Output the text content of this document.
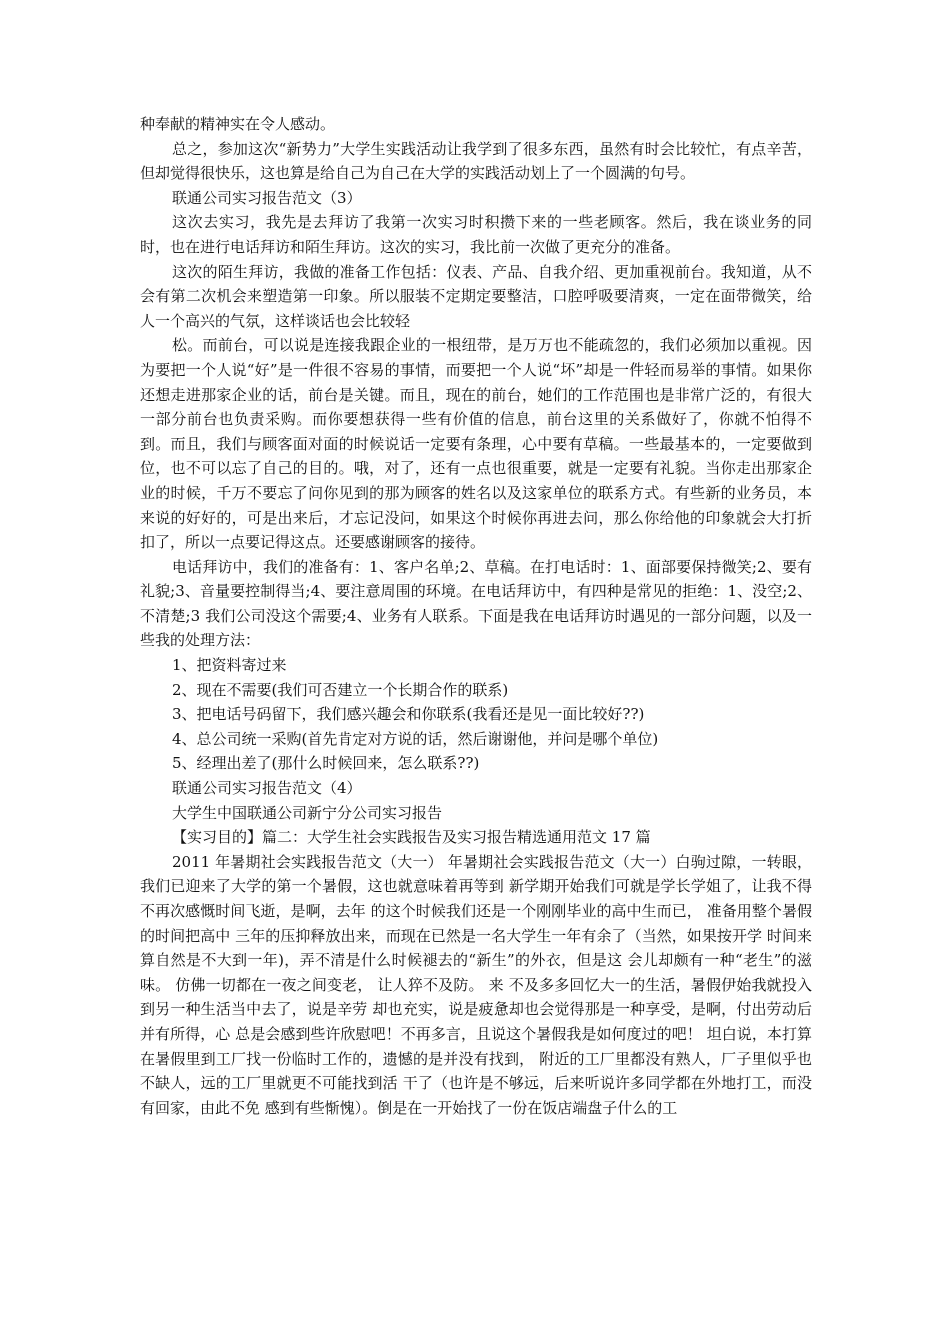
种奉献的精神实在令人感动。

总之，参加这次“新势力”大学生实践活动让我学到了很多东西，虽然有时会比较忙，有点辛苦，但却觉得很快乐，这也算是给自己为自己在大学的实践活动划上了一个圆满的句号。

联通公司实习报告范文（3）

这次去实习，我先是去拜访了我第一次实习时积攒下来的一些老顾客。然后，我在谈业务的同时，也在进行电话拜访和陌生拜访。这次的实习，我比前一次做了更充分的准备。

这次的陌生拜访，我做的准备工作包括：仪表、产品、自我介绍、更加重视前台。我知道，从不会有第二次机会来塑造第一印象。所以服装不定期定要整洁，口腔呼吸要清爽，一定在面带微笑，给人一个高兴的气氛，这样谈话也会比较轻

松。而前台，可以说是连接我跟企业的一根纽带，是万万也不能疏忽的，我们必须加以重视。因为要把一个人说“好”是一件很不容易的事情，而要把一个人说“坏”却是一件轻而易举的事情。如果你还想走进那家企业的话，前台是关键。而且，现在的前台，她们的工作范围也是非常广泛的，有很大一部分前台也负责采购。而你要想获得一些有价值的信息，前台这里的关系做好了，你就不怕得不到。而且，我们与顾客面对面的时候说话一定要有条理，心中要有草稿。一些最基本的，一定要做到位，也不可以忘了自己的目的。哦，对了，还有一点也很重要，就是一定要有礼貌。当你走出那家企业的时候，千万不要忘了问你见到的那为顾客的姓名以及这家单位的联系方式。有些新的业务员，本来说的好好的，可是出来后，才忘记没问，如果这个时候你再进去问，那么你给他的印象就会大打折扣了，所以一点要记得这点。还要感谢顾客的接待。

电话拜访中，我们的准备有：1、客户名单;2、草稿。在打电话时：1、面部要保持微笑;2、要有礼貌;3、音量要控制得当;4、要注意周围的环境。在电话拜访中，有四种是常见的拒绝：1、没空;2、不清楚;3 我们公司没这个需要;4、业务有人联系。下面是我在电话拜访时遇见的一部分问题，以及一些我的处理方法：

1、把资料寄过来

2、现在不需要(我们可否建立一个长期合作的联系)

3、把电话号码留下，我们感兴趣会和你联系(我看还是见一面比较好??)

4、总公司统一采购(首先肯定对方说的话，然后谢谢他，并问是哪个单位)

5、经理出差了(那什么时候回来，怎么联系??)

联通公司实习报告范文（4）

大学生中国联通公司新宁分公司实习报告

【实习目的】篇二：大学生社会实践报告及实习报告精选通用范文 17 篇

2011 年暑期社会实践报告范文（大一） 年暑期社会实践报告范文（大一）白驹过隙，一转眼，我们已迎来了大学的第一个暑假，这也就意味着再等到 新学期开始我们可就是学长学姐了，让我不得不再次感慨时间飞逝，是啊，去年 的这个时候我们还是一个刚刚毕业的高中生而已， 准备用整个暑假的时间把高中 三年的压抑释放出来，而现在已然是一名大学生一年有余了（当然，如果按开学 时间来算自然是不大到一年)，弄不清是什么时候褪去的“新生”的外衣，但是这 会儿却颇有一种“老生”的滋味。 仿佛一切都在一夜之间变老， 让人猝不及防。 来 不及多多回忆大一的生活，暑假伊始我就投入到另一种生活当中去了，说是辛劳 却也充实，说是疲惫却也会觉得那是一种享受，是啊，付出劳动后并有所得，心 总是会感到些许欣慰吧！不再多言，且说这个暑假我是如何度过的吧！ 坦白说，本打算在暑假里到工厂找一份临时工作的，遗憾的是并没有找到， 附近的工厂里都没有熟人，厂子里似乎也不缺人，远的工厂里就更不可能找到活 干了（也许是不够远，后来听说许多同学都在外地打工，而没有回家，由此不免 感到有些惭愧）。倒是在一开始找了一份在饭店端盘子什么的工
